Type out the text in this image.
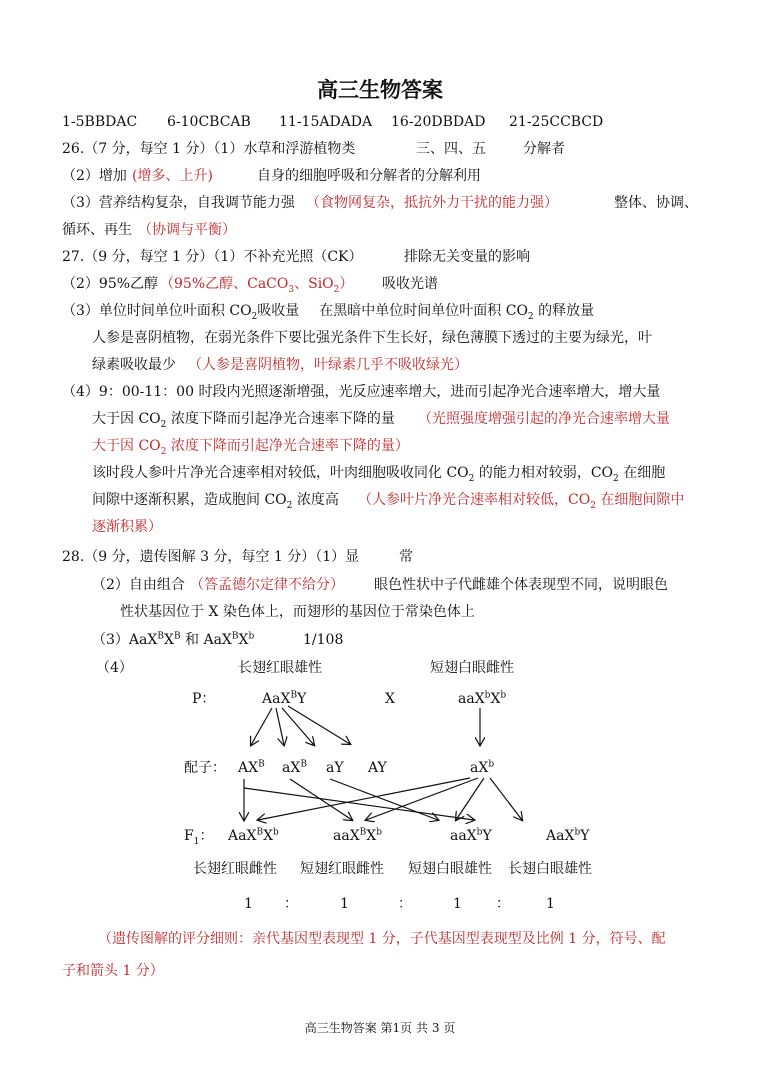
高三生物答案
1-5BBDAC 6-10CBCAB 11-15ADADA 16-20DBDAD 21-25CCBCD
26.（7 分，每空 1 分）（1）水草和浮游植物类	三、四、五	分解者
（2）增加 (增多、上升)	自身的细胞呼吸和分解者的分解利用
（3）营养结构复杂，自我调节能力强 （食物网复杂，抵抗外力干扰的能力强）	整体、协调、
循环、再生 （协调与平衡）
27.（9 分，每空 1 分）（1）不补充光照（CK）	排除无关变量的影响
（2）95%乙醇 （95%乙醇、CaCO$_3$、SiO$_2$） 吸收光谱
（3）单位时间单位叶面积 $CO_2$吸收量 在黑暗中单位时间单位叶面积 $CO_2$ 的释放量
人参是喜阴植物，在弱光条件下要比强光条件下生长好，绿色薄膜下透过的主要为绿光，叶
绿素吸收最少 （人参是喜阴植物，叶绿素几乎不吸收绿光）
（4）9：00-11：00 时段内光照逐渐增强，光反应速率增大，进而引起净光合速率增大，增大量
大于因 $CO_2$ 浓度下降而引起净光合速率下降的量 （光照强度增强引起的净光合速率增大量
大于因 $CO_2$ 浓度下降而引起净光合速率下降的量）
该时段人参叶片净光合速率相对较低，叶肉细胞吸收同化 $CO_2$ 的能力相对较弱，$CO_2$ 在细胞
间隙中逐渐积累，造成胞间 $CO_2$ 浓度高 （人参叶片净光合速率相对较低，$CO_2$ 在细胞间隙中
逐渐积累）
28.（9 分，遗传图解 3 分，每空 1 分）（1）显	常
（2）自由组合 （答孟德尔定律不给分） 眼色性状中子代雌雄个体表现型不同，说明眼色
性状基因位于 X 染色体上，而翅形的基因位于常染色体上
$(3)AaX^BX^B$ 和 $AaX^BX^b$	1/108
（4）	长翅红眼雄性	短翅白眼雌性
P：	AaX$^B$Y	X	$aaX^bX^b$
配子： $AX^B$ $aX^B$ aY AY	$aX^b$
$F_1$： $AaX^BX^b$	$aaX^BX^b$	aaX$^b$Y	AaX$^b$Y
长翅红眼雌性 短翅红眼雌性 短翅白眼雄性 长翅白眼雄性
1 ：	1	：	1 ：	1
（遗传图解的评分细则：亲代基因型表现型 1 分，子代基因型表现型及比例 1 分，符号、配
子和箭头 1 分）
高三生物答案 第1页 共 3 页
